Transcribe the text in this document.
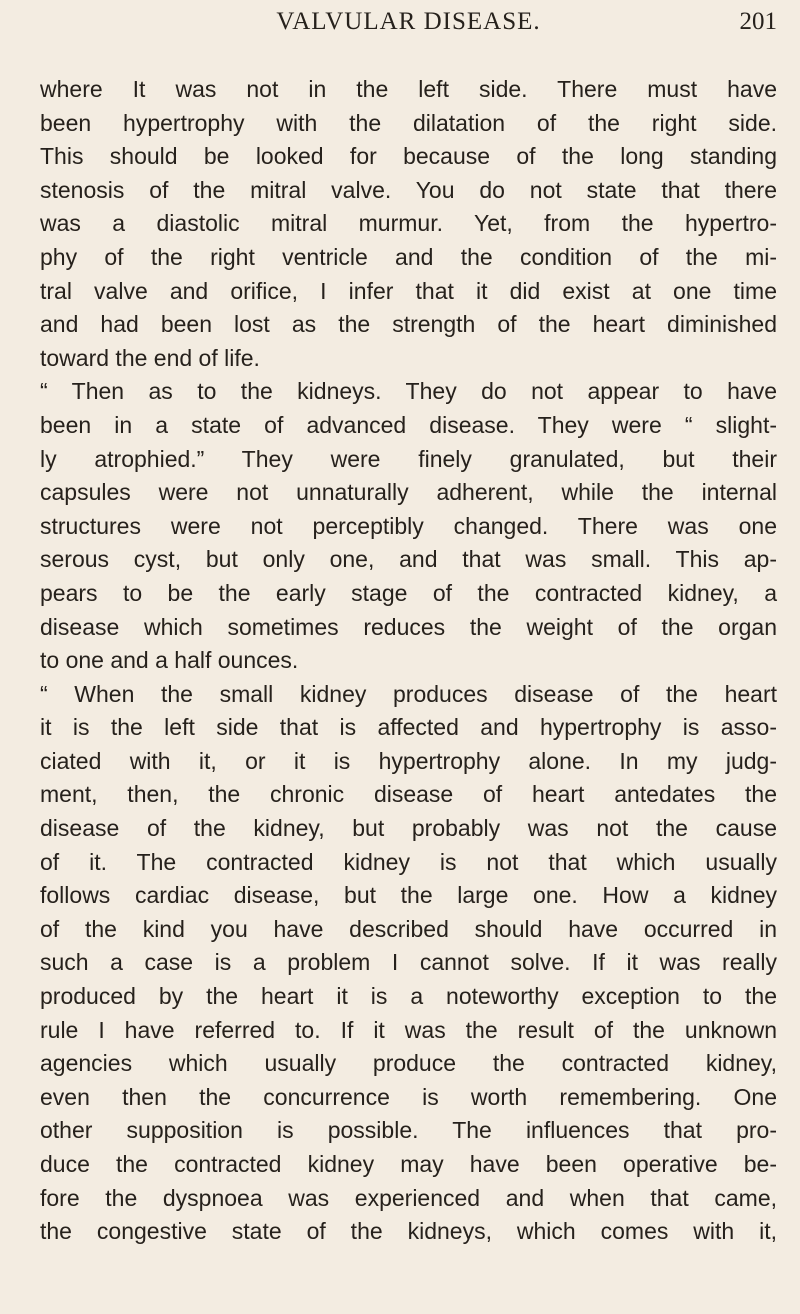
VALVULAR DISEASE.	201
where It was not in the left side. There must have
been hypertrophy with the dilatation of the right side.
This should be looked for because of the long standing
stenosis of the mitral valve. You do not state that there
was a diastolic mitral murmur. Yet, from the hypertro-
phy of the right ventricle and the condition of the mi-
tral valve and orifice, I infer that it did exist at one time
and had been lost as the strength of the heart diminished
toward the end of life.
“ Then as to the kidneys. They do not appear to have
been in a state of advanced disease. They were “ slight-
ly atrophied.” They were finely granulated, but their
capsules were not unnaturally adherent, while the internal
structures were not perceptibly changed. There was one
serous cyst, but only one, and that was small. This ap-
pears to be the early stage of the contracted kidney, a
disease which sometimes reduces the weight of the organ
to one and a half ounces.
“ When the small kidney produces disease of the heart
it is the left side that is affected and hypertrophy is asso-
ciated with it, or it is hypertrophy alone. In my judg-
ment, then, the chronic disease of heart antedates the
disease of the kidney, but probably was not the cause
of it. The contracted kidney is not that which usually
follows cardiac disease, but the large one. How a kidney
of the kind you have described should have occurred in
such a case is a problem I cannot solve. If it was really
produced by the heart it is a noteworthy exception to the
rule I have referred to. If it was the result of the unknown
agencies which usually produce the contracted kidney,
even then the concurrence is worth remembering. One
other supposition is possible. The influences that pro-
duce the contracted kidney may have been operative be-
fore the dyspnoea was experienced and when that came,
the congestive state of the kidneys, which comes with it,
